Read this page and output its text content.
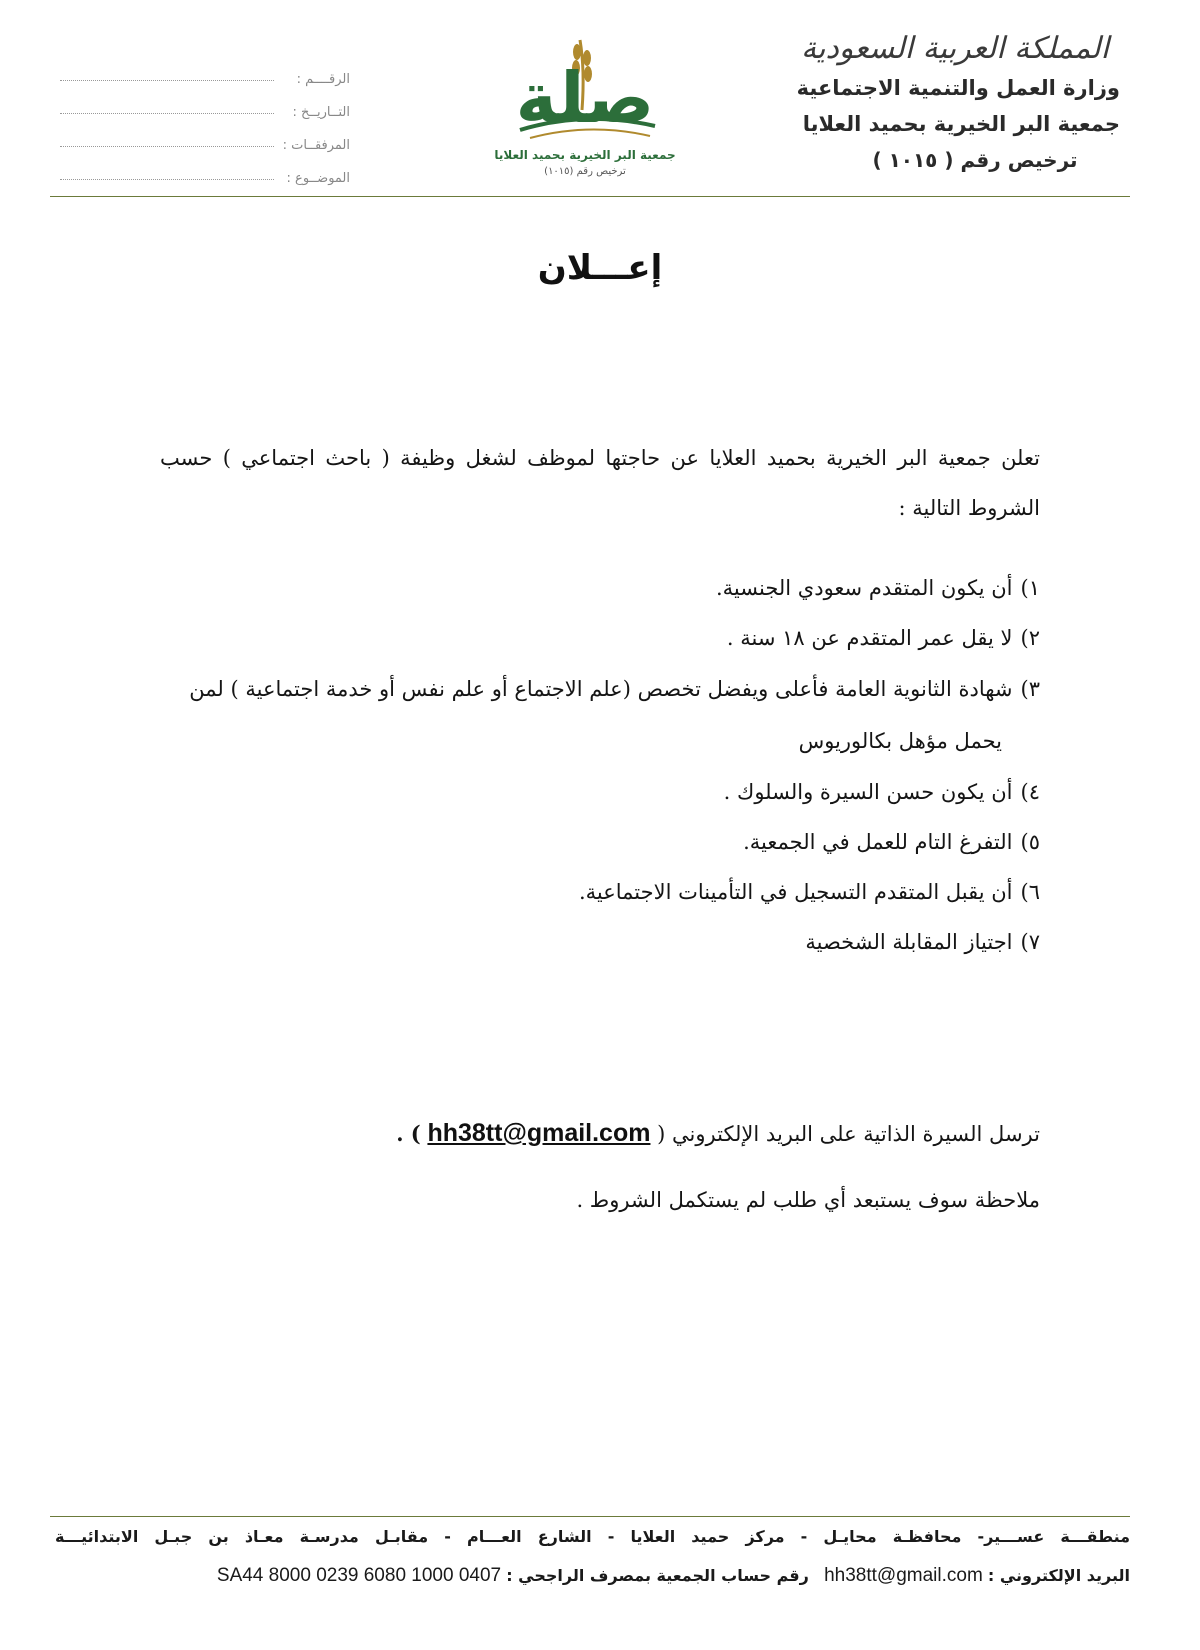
المملكة العربية السعودية
وزارة العمل والتنمية الاجتماعية
جمعية البر الخيرية بحميد العلايا
ترخيص رقم ( ١٠١٥ )
صلة
جمعية البر الخيرية بحميد العلايا
ترخيص رقم (١٠١٥)
الرقــــم :
التــاريــخ :
المرفقــات :
الموضــوع :
إعـــلان
تعلن جمعية البر الخيرية بحميد العلايا عن حاجتها لموظف لشغل وظيفة ( باحث اجتماعي ) حسب الشروط التالية :
١)أن يكون المتقدم سعودي الجنسية.
٢)لا يقل عمر المتقدم عن ١٨ سنة .
٣)شهادة الثانوية العامة فأعلى ويفضل تخصص (علم الاجتماع أو علم نفس أو خدمة اجتماعية ) لمن
يحمل مؤهل بكالوريوس
٤)أن يكون حسن السيرة والسلوك .
٥)التفرغ التام للعمل في الجمعية.
٦)أن يقبل المتقدم التسجيل في التأمينات الاجتماعية.
٧)اجتياز المقابلة الشخصية
ترسل السيرة الذاتية على البريد الإلكتروني ( hh38tt@gmail.com ) .
ملاحظة سوف يستبعد أي طلب لم يستكمل الشروط .
منطقـــة عســـير- محافظـة محايـل - مركز حميد العلايا - الشارع العـــام - مقابـل مدرسـة معـاذ بن جبـل الابتدائيـــة
البريد الإلكتروني : hh38tt@gmail.com   رقم حساب الجمعية بمصرف الراجحي : SA44 8000 0239 6080 1000 0407
